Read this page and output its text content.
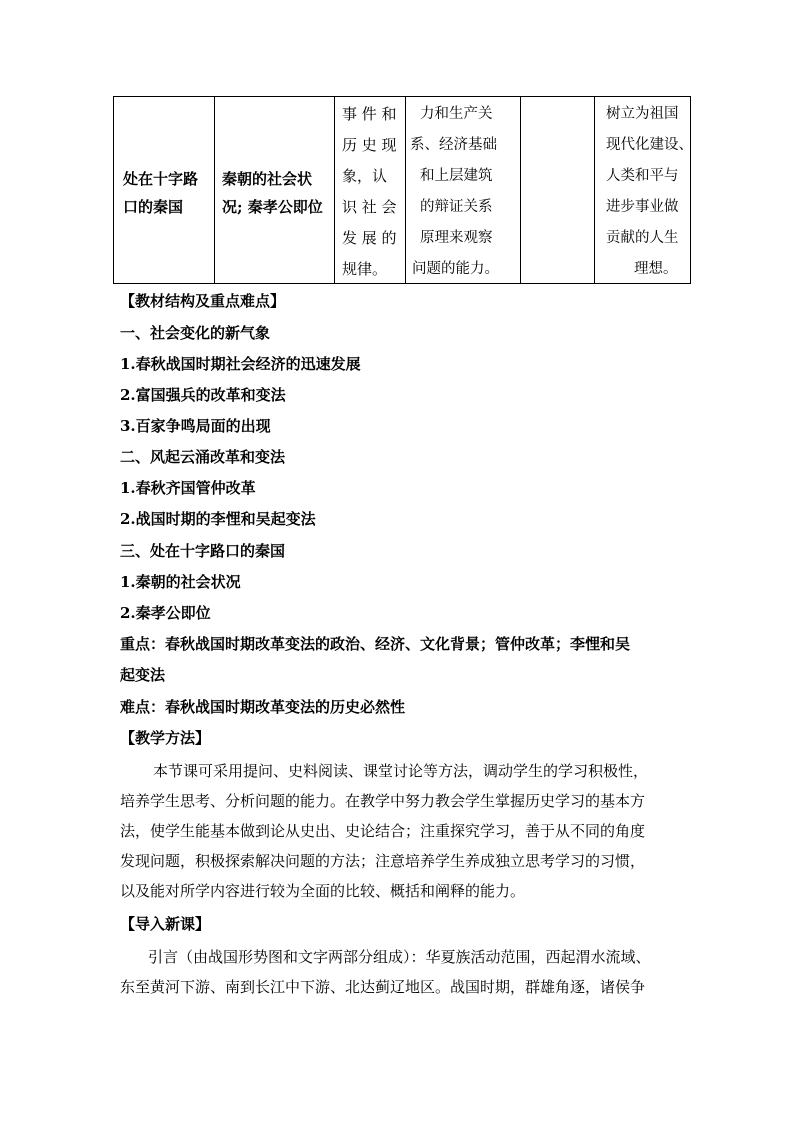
处在十字路
口的秦国
秦朝的社会状
况; 秦孝公即位
事 件 和
历 史 现
象，认
识 社 会
发 展 的
规律。
力和生产关
系、经济基础
和上层建筑
的辩证关系
原理来观察
问题的能力。
树立为祖国
现代化建设、
人类和平与
进步事业做
贡献的人生
理想。
【教材结构及重点难点】
一、社会变化的新气象
1.春秋战国时期社会经济的迅速发展
2.富国强兵的改革和变法
3.百家争鸣局面的出现
二、风起云涌改革和变法
1.春秋齐国管仲改革
2.战国时期的李悝和吴起变法
三、处在十字路口的秦国
1.秦朝的社会状况
2.秦孝公即位
重点：春秋战国时期改革变法的政治、经济、文化背景；管仲改革；李悝和吴
起变法
难点：春秋战国时期改革变法的历史必然性
【教学方法】
本节课可采用提问、史料阅读、课堂讨论等方法，调动学生的学习积极性，
培养学生思考、分析问题的能力。在教学中努力教会学生掌握历史学习的基本方
法，使学生能基本做到论从史出、史论结合；注重探究学习，善于从不同的角度
发现问题，积极探索解决问题的方法；注意培养学生养成独立思考学习的习惯，
以及能对所学内容进行较为全面的比较、概括和阐释的能力。
【导入新课】
引言（由战国形势图和文字两部分组成）：华夏族活动范围，西起渭水流域、
东至黄河下游、南到长江中下游、北达蓟辽地区。战国时期，群雄角逐，诸侯争
